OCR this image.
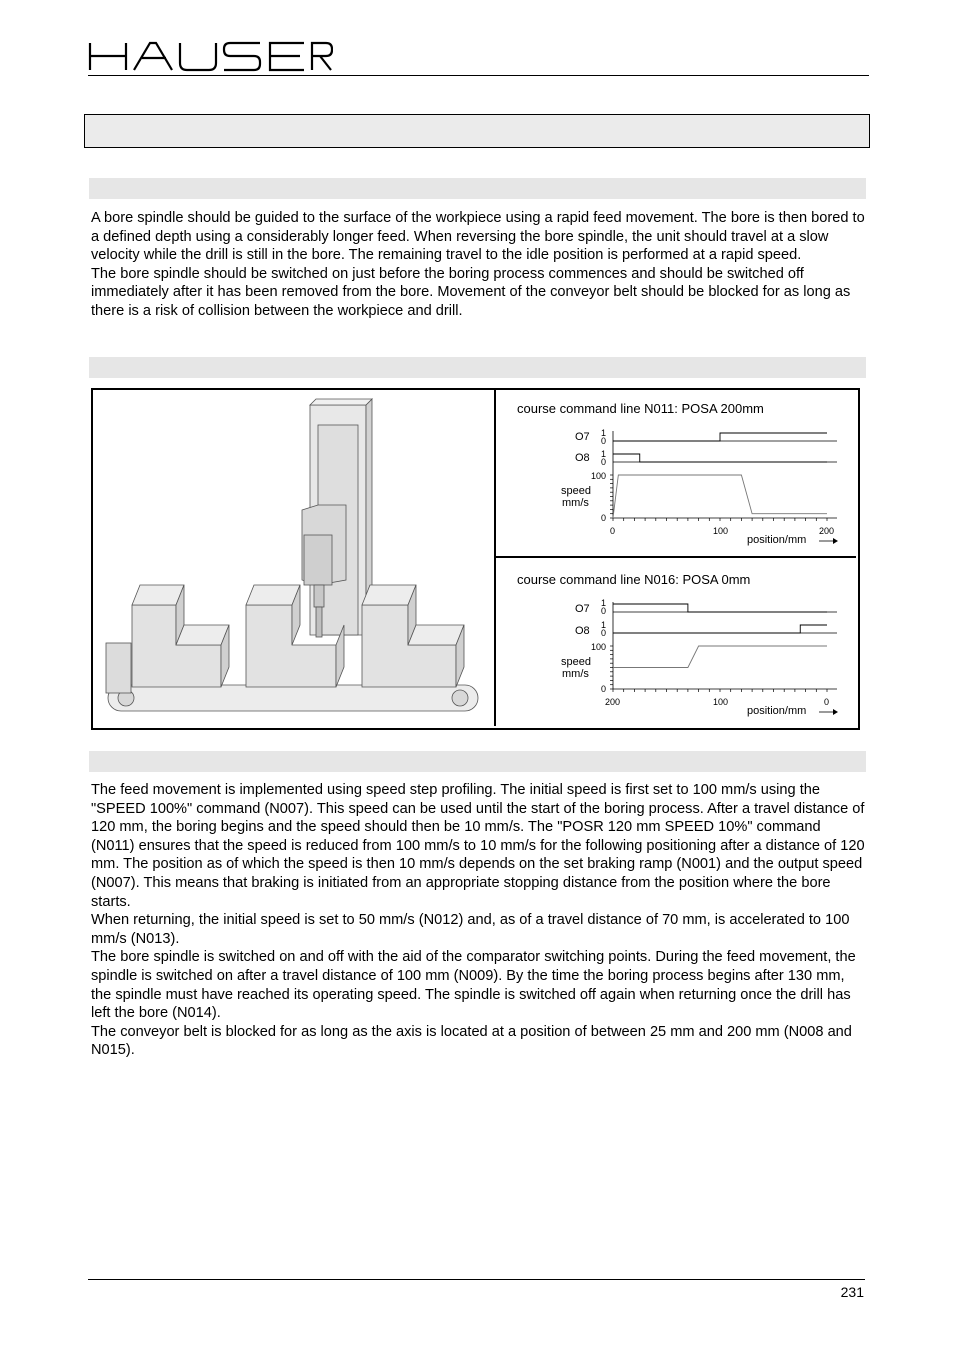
HAUSER

A bore spindle should be guided to the surface of the workpiece using a rapid feed movement. The bore is then bored to a defined depth using a considerably longer feed. When reversing the bore spindle, the unit should travel at a slow velocity while the drill is still in the bore. The remaining travel to the idle position is performed at a rapid speed.

The bore spindle should be switched on just before the boring process commences and should be switched off immediately after it has been removed from the bore. Movement of the conveyor belt should be blocked for as long as there is a risk of collision between the workpiece and drill.

course command line N011: POSA 200mm
O7
O8
1
0
1
0
100
0
speed
mm/s
0	100	200
position/mm
course command line N016: POSA 0mm
O7
O8
1
0
1
0
100
0
speed
mm/s
200	100	0
position/mm

The feed movement is implemented using speed step profiling. The initial speed is first set to 100 mm/s using the "SPEED 100%" command (N007). This speed can be used until the start of the boring process. After a travel distance of 120 mm, the boring begins and the speed should then be 10 mm/s. The "POSR 120 mm SPEED 10%" command (N011) ensures that the speed is reduced from 100 mm/s to 10 mm/s for the following positioning after a distance of 120 mm. The position as of which the speed is then 10 mm/s depends on the set braking ramp (N001) and the output speed (N007). This means that braking is initiated from an appropriate stopping distance from the position where the bore starts.

When returning, the initial speed is set to 50 mm/s (N012) and, as of a travel distance of 70 mm, is accelerated to 100 mm/s (N013).

The bore spindle is switched on and off with the aid of the comparator switching points. During the feed movement, the spindle is switched on after a travel distance of 100 mm (N009). By the time the boring process begins after 130 mm, the spindle must have reached its operating speed. The spindle is switched off again when returning once the drill has left the bore (N014).

The conveyor belt is blocked for as long as the axis is located at a position of between 25 mm and 200 mm (N008 and N015).

231
